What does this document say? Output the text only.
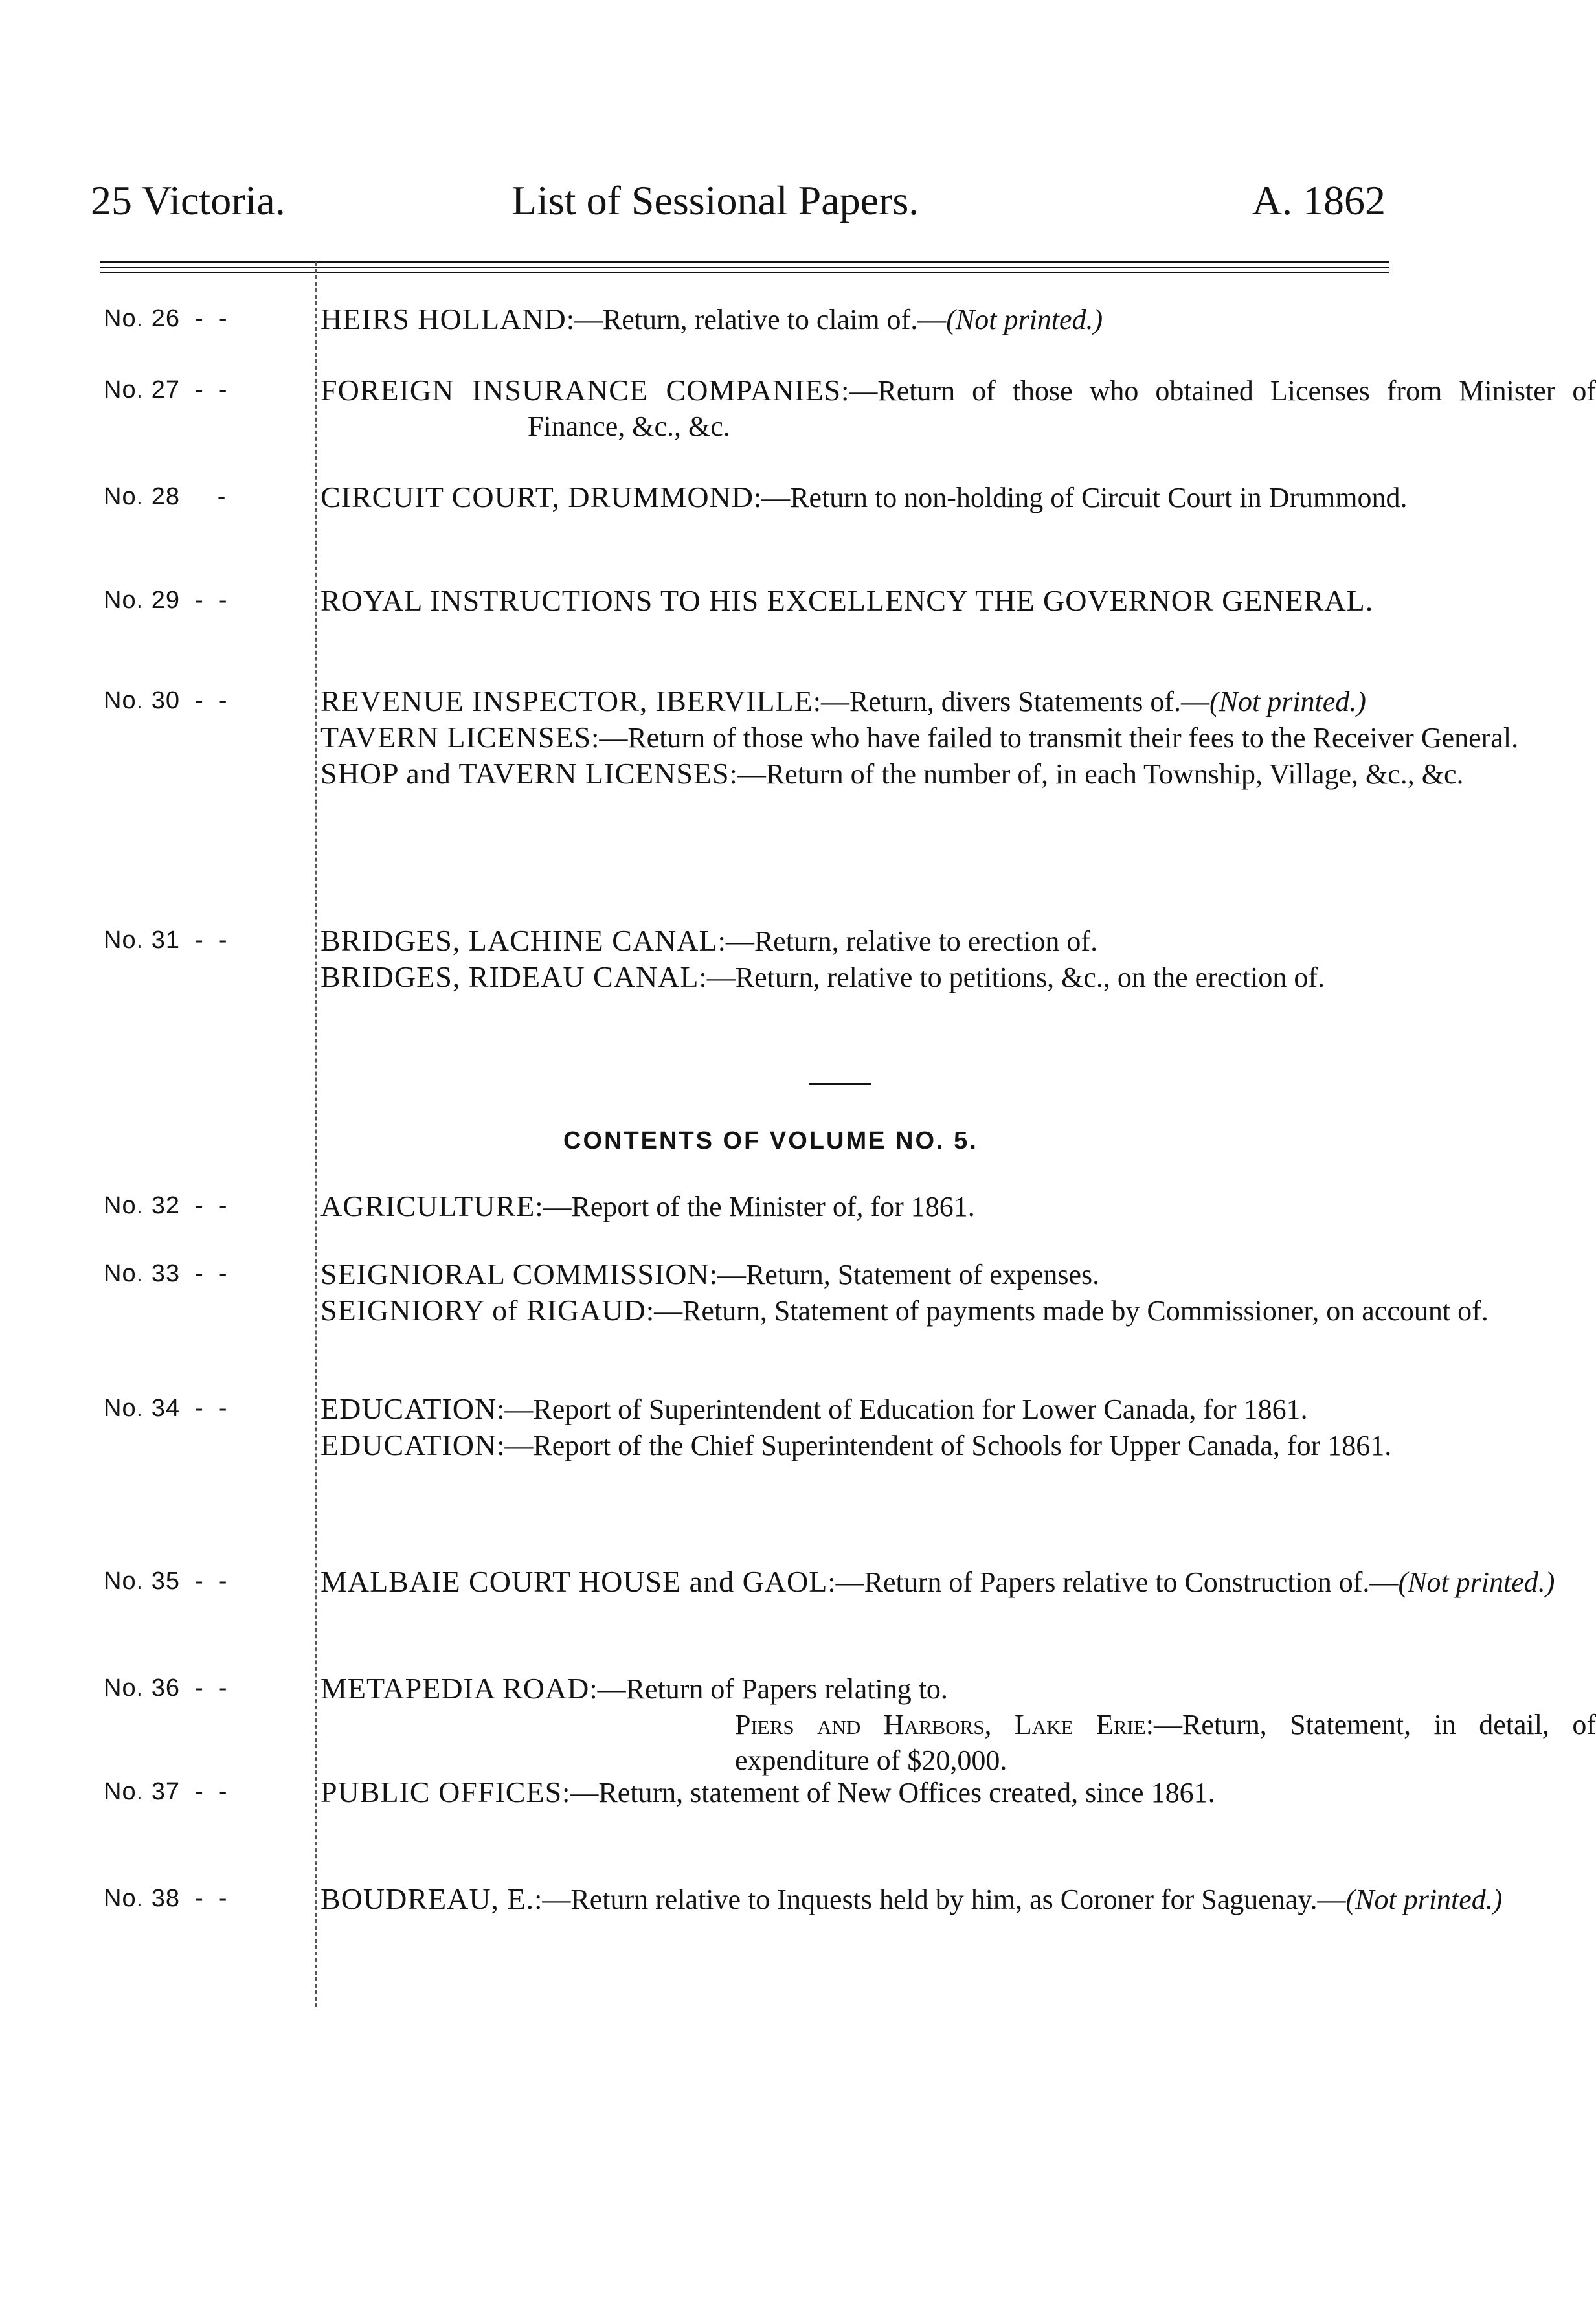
25 Victoria.	List of Sessional Papers.	A. 1862
No. 26  -  -	HEIRS HOLLAND:—Return, relative to claim of.—(Not printed.)
No. 27  -  -	FOREIGN INSURANCE COMPANIES:—Return of those who obtained Licenses from Minister of Finance, &c., &c.
No. 28     -	CIRCUIT COURT, DRUMMOND:—Return to non-holding of Circuit Court in Drummond.
No. 29  -  -	ROYAL INSTRUCTIONS TO HIS EXCELLENCY THE GOVERNOR GENERAL.
No. 30  -  -	REVENUE INSPECTOR, IBERVILLE:—Return, divers Statements of.—(Not printed.)
TAVERN LICENSES:—Return of those who have failed to transmit their fees to the Receiver General.
SHOP and TAVERN LICENSES:—Return of the number of, in each Township, Village, &c., &c.
No. 31  -  -	BRIDGES, LACHINE CANAL:—Return, relative to erection of.
BRIDGES, RIDEAU CANAL:—Return, relative to petitions, &c., on the erection of.
No. 32  -  -	AGRICULTURE:—Report of the Minister of, for 1861.
No. 33  -  -	SEIGNIORAL COMMISSION:—Return, Statement of expenses.
SEIGNIORY of RIGAUD:—Return, Statement of payments made by Commissioner, on account of.
No. 34  -  -	EDUCATION:—Report of Superintendent of Education for Lower Canada, for 1861.
EDUCATION:—Report of the Chief Superintendent of Schools for Upper Canada, for 1861.
No. 35  -  -	MALBAIE COURT HOUSE and GAOL:—Return of Papers relative to Construction of.—(Not printed.)
No. 36  -  -	METAPEDIA ROAD:—Return of Papers relating to.
Piers and Harbors, Lake Erie:—Return, Statement, in detail, of expenditure of $20,000.
No. 37  -  -	PUBLIC OFFICES:—Return, statement of New Offices created, since 1861.
No. 38  -  -	BOUDREAU, E.:—Return relative to Inquests held by him, as Coroner for Saguenay.—(Not printed.)
CONTENTS OF VOLUME NO. 5.
